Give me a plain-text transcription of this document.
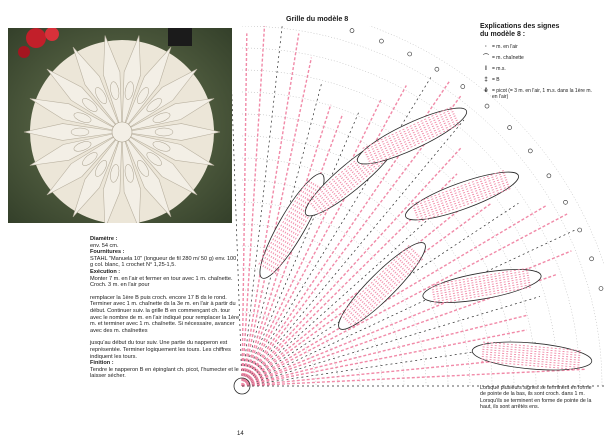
Diamètre :

env. 54 cm.

Fournitures :

STAHL "Manuela 10" (longueur de fil 280 m/ 50 g) env. 100 g col. blanc, 1 crochet N° 1,25-1,5.

Exécution :

Monter 7 m. en l'air et fermer en tour avec 1 m. chaînette. Croch. 3 m. en l'air pour

remplacer la 1ère B puis croch. encore 17 B ds le rond. Terminer avec 1 m. chaînette ds la 3e m. en l'air à partir du début. Continuer suiv. la grille B en commençant ch. tour avec le nombre de m. en l'air indiqué pour remplacer la 1ère m. et terminer avec 1 m. chaînette. Si nécessaire, avancer avec des m. chaînettes

jusqu'au début du tour suiv. Une partie du napperon est représentée. Terminer logiquement les tours. Les chiffres indiquent les tours.

Finition :

Tendre le napperon B en épinglant ch. picot, l'humecter et le laisser sécher.

Grille du modèle 8

Explications des signes

du modèle 8 :

·	= m. en l'air
⌒ = m. chaînette
I	= m.s.
‡ = B
ȇ = picot (= 3 m. en l'air, 1 m.s. dans la 1ère m. en l'air)
Lorsque plusieurs signes se terminent en forme de pointe de la bas, ils sont croch. dans 1 m. Lorsqu'ils se terminent en forme de pointe de la haut, ils sont arrêtés ens.
14
